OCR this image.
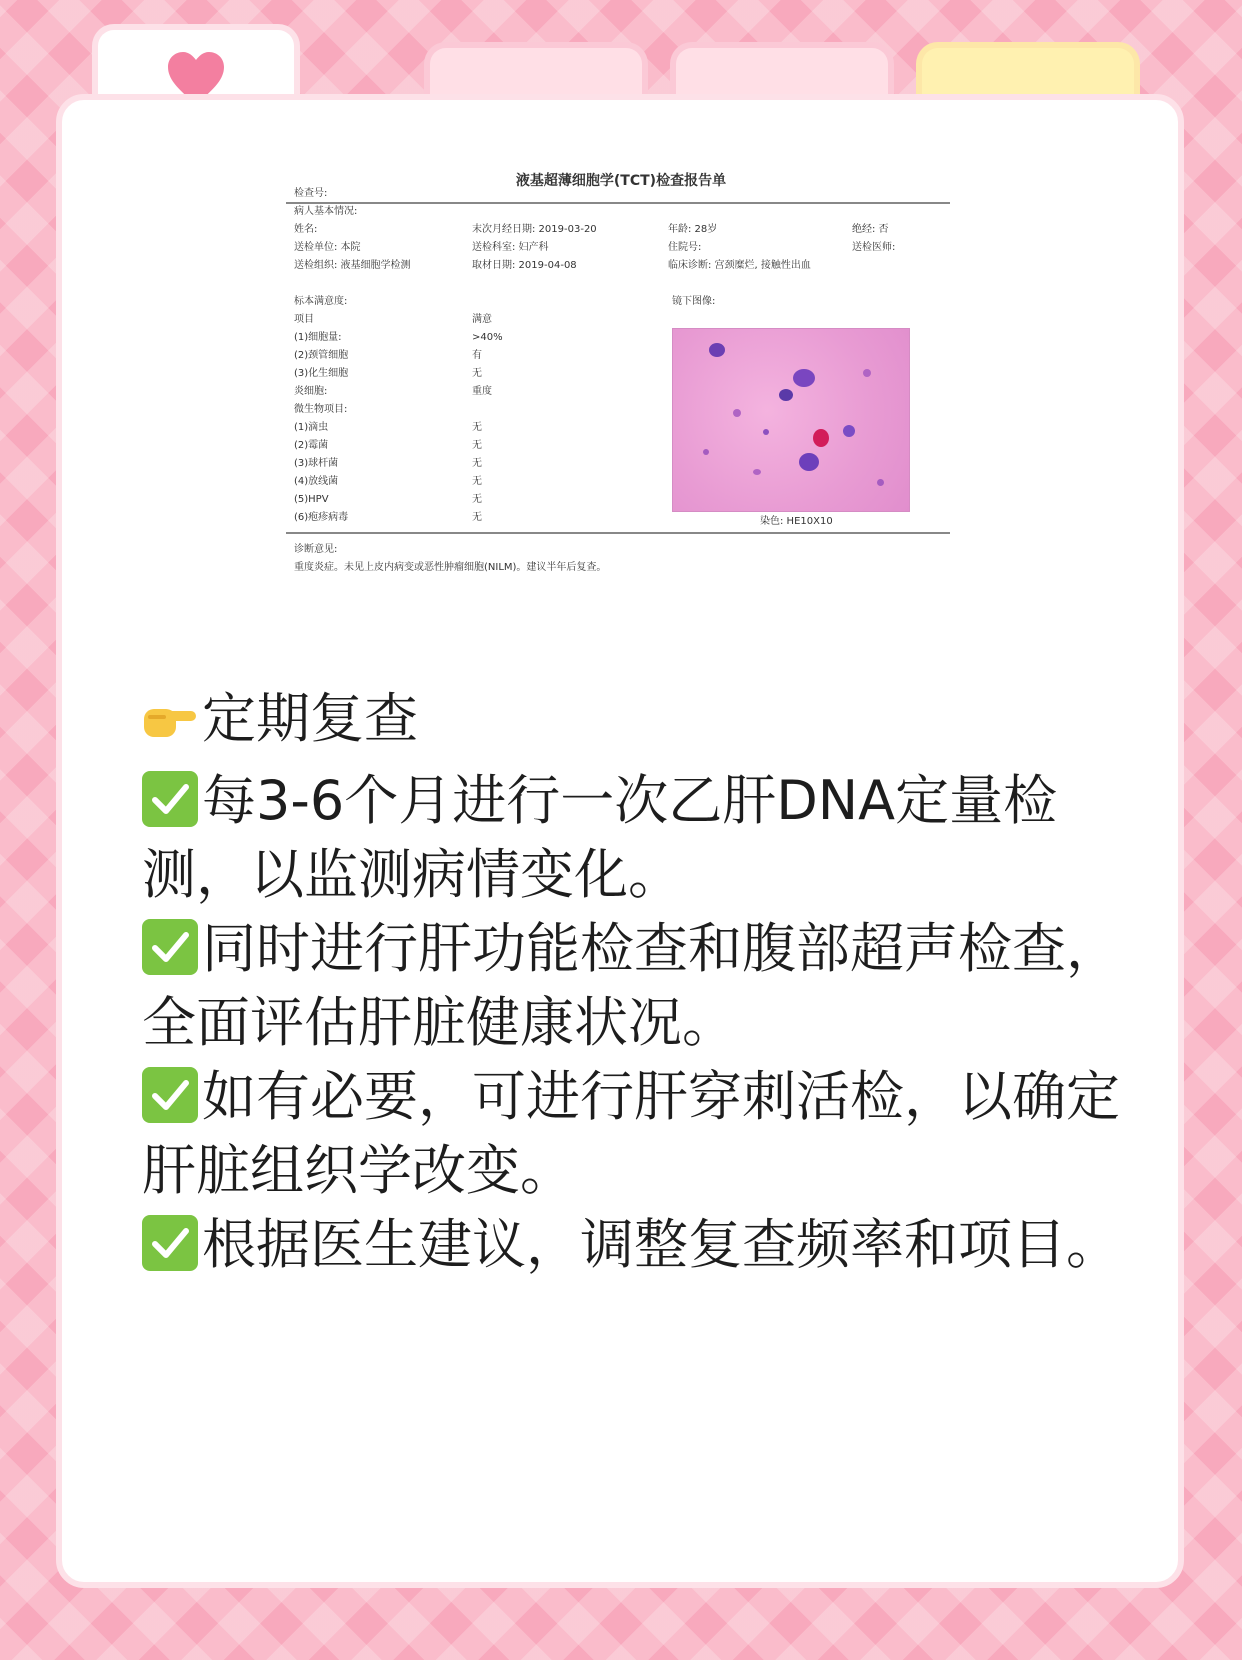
液基超薄细胞学(TCT)检查报告单
检查号:
病人基本情况:
姓名:	末次月经日期: 2019-03-20	年龄: 28岁	绝经: 否
送检单位: 本院	送检科室: 妇产科	住院号:	送检医师:
送检组织: 液基细胞学检测	取材日期: 2019-04-08	临床诊断: 宫颈糜烂, 接触性出血
标本满意度:	镜下图像:
项目	满意
(1)细胞量:	>40%
(2)颈管细胞	有
(3)化生细胞	无
炎细胞:	重度
微生物项目:
(1)滴虫	无
(2)霉菌	无
(3)球杆菌	无
(4)放线菌	无
(5)HPV	无
(6)疱疹病毒	无	染色: HE10X10
诊断意见:
重度炎症。未见上皮内病变或恶性肿瘤细胞(NILM)。建议半年后复查。

定期复查

每3-6个月进行一次乙肝DNA定量检测，以监测病情变化。

同时进行肝功能检查和腹部超声检查，全面评估肝脏健康状况。

如有必要，可进行肝穿刺活检，以确定肝脏组织学改变。

根据医生建议，调整复查频率和项目。
